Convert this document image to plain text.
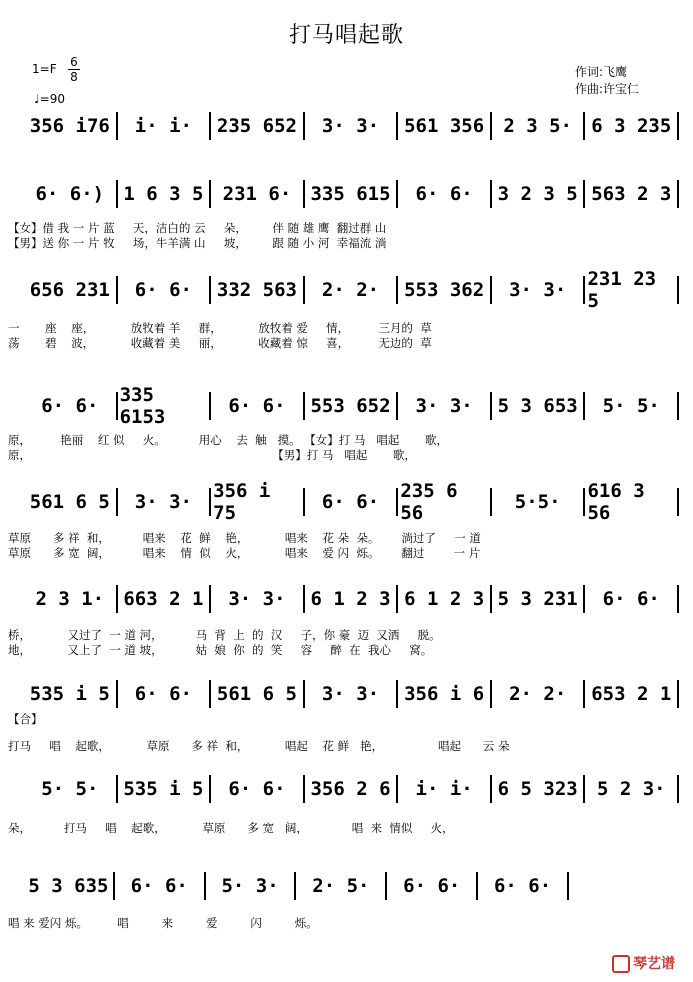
打马唱起歌
1=F 6
8
♩=90
作词:飞鹰
作曲:许宝仁
356 i76	i· i·	235 652	3· 3·	561 356	2 3 5·	6 3 235
6· 6·)	1 6 3 5	231 6·	335 615	6· 6·	3 2 3 5 563 2 3
656 231	6· 6·	332 563	2· 2·	553 362	3· 3·	231 23 5
6· 6·	335 6153	6· 6·	553 652	3· 3·	5 3 653	5· 5·
561 6 5	3· 3·	356 i 75	6· 6·	235 6 56	5·5·	616 3 56
2 3 1·	663 2 1	3· 3·	6 1 2 3 6 1 2 3 5 3 231	6· 6·
535 i 5	6· 6·	561 6 5	3· 3·	356 i 6	2· 2·	653 2 1
5· 5·	535 i 5	6· 6·	356 2 6	i· i·	6 5 323	5 2 3·
5 3 635	6· 6·	5· 3·	2· 5·	6· 6·	6· 6·
【女】借 我 一 片 蓝     天，洁白的 云     朵，       伴 随 雄 鹰  翻过群 山
【男】送 你 一 片 牧     场，牛羊满 山     坡，       跟 随 小 河  幸福流 淌
一       座    座，          放牧着 羊     群，          放牧着 爱     情，        三月的  草
荡       碧    波，          收藏着 美     丽，          收藏着 惊     喜，        无边的  草
原，        艳丽    红 似     火。         用心    去  触   摸。 【女】打 马   唱起       歌，
原，                                                                  【男】打 马   唱起       歌，
草原      多 祥  和，         唱来    花  鲜    艳，          唱来    花 朵  朵。      淌过了     一 道
草原      多 宽  阔，         唱来    情  似    火，          唱来    爱 闪  烁。      翻过        一 片
桥，          又过了  一 道 河，         马  背  上  的  汉     子，你 豪  迈  又洒     脱。
地，          又上了  一 道 坡，         姑  娘  你  的  笑     容     醉  在  我心     窝。
【合】
打马     唱    起歌，          草原      多 祥  和，          唱起    花 鲜   艳，               唱起      云 朵
朵，         打马     唱    起歌，          草原      多 宽   阔，            唱  来  情似     火，
唱 来 爱闪 烁。        唱         来         爱         闪         烁。
琴艺谱
